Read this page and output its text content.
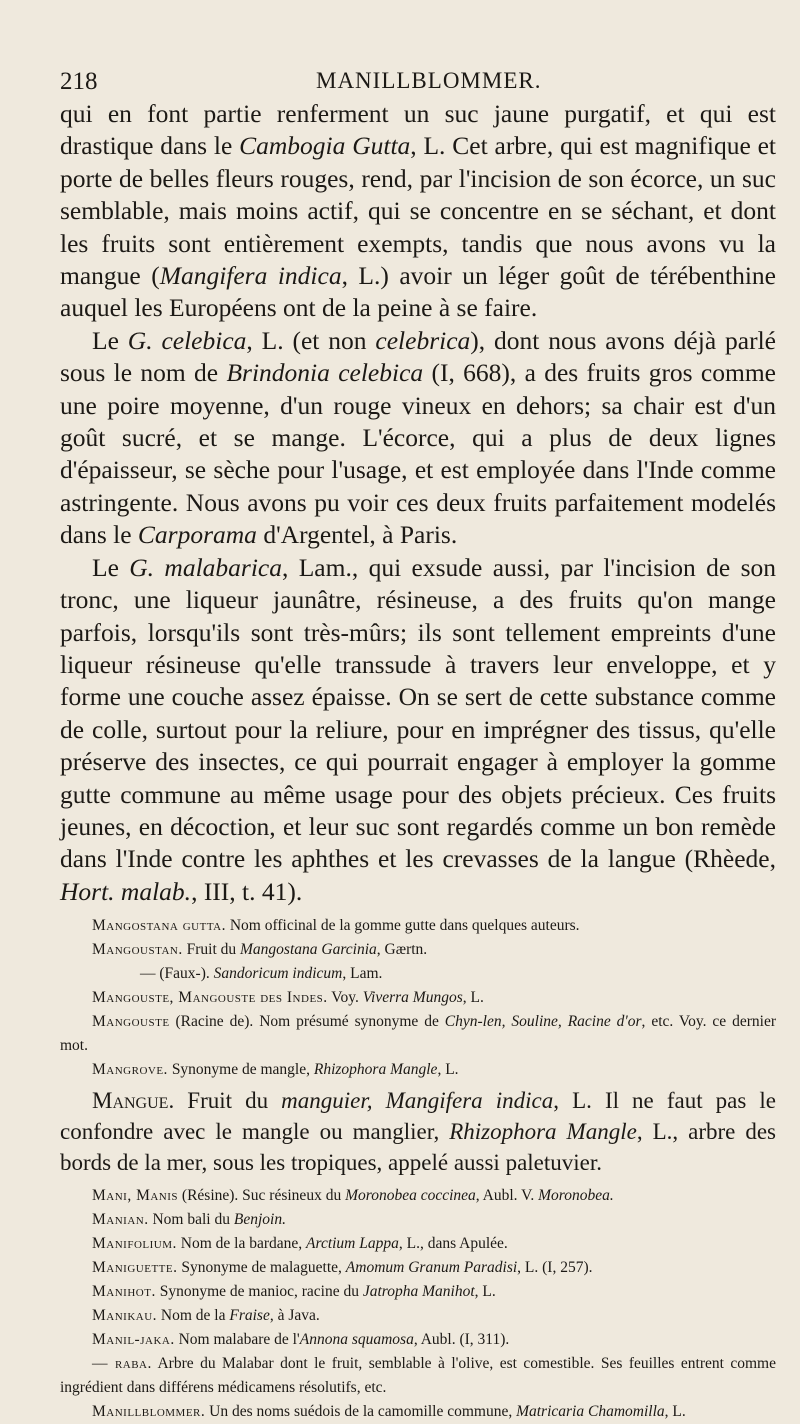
218	MANILLBLOMMER.

qui en font partie renferment un suc jaune purgatif, et qui est drastique dans le Cambogia Gutta, L. Cet arbre, qui est magnifique et porte de belles fleurs rouges, rend, par l'incision de son écorce, un suc semblable, mais moins actif, qui se concentre en se séchant, et dont les fruits sont entièrement exempts, tandis que nous avons vu la mangue (Mangifera indica, L.) avoir un léger goût de térébenthine auquel les Européens ont de la peine à se faire.

Le G. celebica, L. (et non celebrica), dont nous avons déjà parlé sous le nom de Brindonia celebica (I, 668), a des fruits gros comme une poire moyenne, d'un rouge vineux en dehors; sa chair est d'un goût sucré, et se mange. L'écorce, qui a plus de deux lignes d'épaisseur, se sèche pour l'usage, et est employée dans l'Inde comme astringente. Nous avons pu voir ces deux fruits parfaitement modelés dans le Carporama d'Argentel, à Paris.

Le G. malabarica, Lam., qui exsude aussi, par l'incision de son tronc, une liqueur jaunâtre, résineuse, a des fruits qu'on mange parfois, lorsqu'ils sont très-mûrs; ils sont tellement empreints d'une liqueur résineuse qu'elle transsude à travers leur enveloppe, et y forme une couche assez épaisse. On se sert de cette substance comme de colle, surtout pour la reliure, pour en imprégner des tissus, qu'elle préserve des insectes, ce qui pourrait engager à employer la gomme gutte commune au même usage pour des objets précieux. Ces fruits jeunes, en décoction, et leur suc sont regardés comme un bon remède dans l'Inde contre les aphthes et les crevasses de la langue (Rhèede, Hort. malab., III, t. 41).

Mangostana gutta. Nom officinal de la gomme gutte dans quelques auteurs.

Mangoustan. Fruit du Mangostana Garcinia, Gærtn.

— (Faux-). Sandoricum indicum, Lam.

Mangouste, Mangouste des Indes. Voy. Viverra Mungos, L.

Mangouste (Racine de). Nom présumé synonyme de Chyn-len, Souline, Racine d'or, etc. Voy. ce dernier mot.

Mangrove. Synonyme de mangle, Rhizophora Mangle, L.

Mangue. Fruit du manguier, Mangifera indica, L. Il ne faut pas le confondre avec le mangle ou manglier, Rhizophora Mangle, L., arbre des bords de la mer, sous les tropiques, appelé aussi paletuvier.

Mani, Manis (Résine). Suc résineux du Moronobea coccinea, Aubl. V. Moronobea.

Manian. Nom bali du Benjoin.

Manifolium. Nom de la bardane, Arctium Lappa, L., dans Apulée.

Maniguette. Synonyme de malaguette, Amomum Granum Paradisi, L. (I, 257).

Manihot. Synonyme de manioc, racine du Jatropha Manihot, L.

Manikau. Nom de la Fraise, à Java.

Manil-jaka. Nom malabare de l'Annona squamosa, Aubl. (I, 311).

— raba. Arbre du Malabar dont le fruit, semblable à l'olive, est comestible. Ses feuilles entrent comme ingrédient dans différens médicamens résolutifs, etc.

Manillblommer. Un des noms suédois de la camomille commune, Matricaria Chamomilla, L.
